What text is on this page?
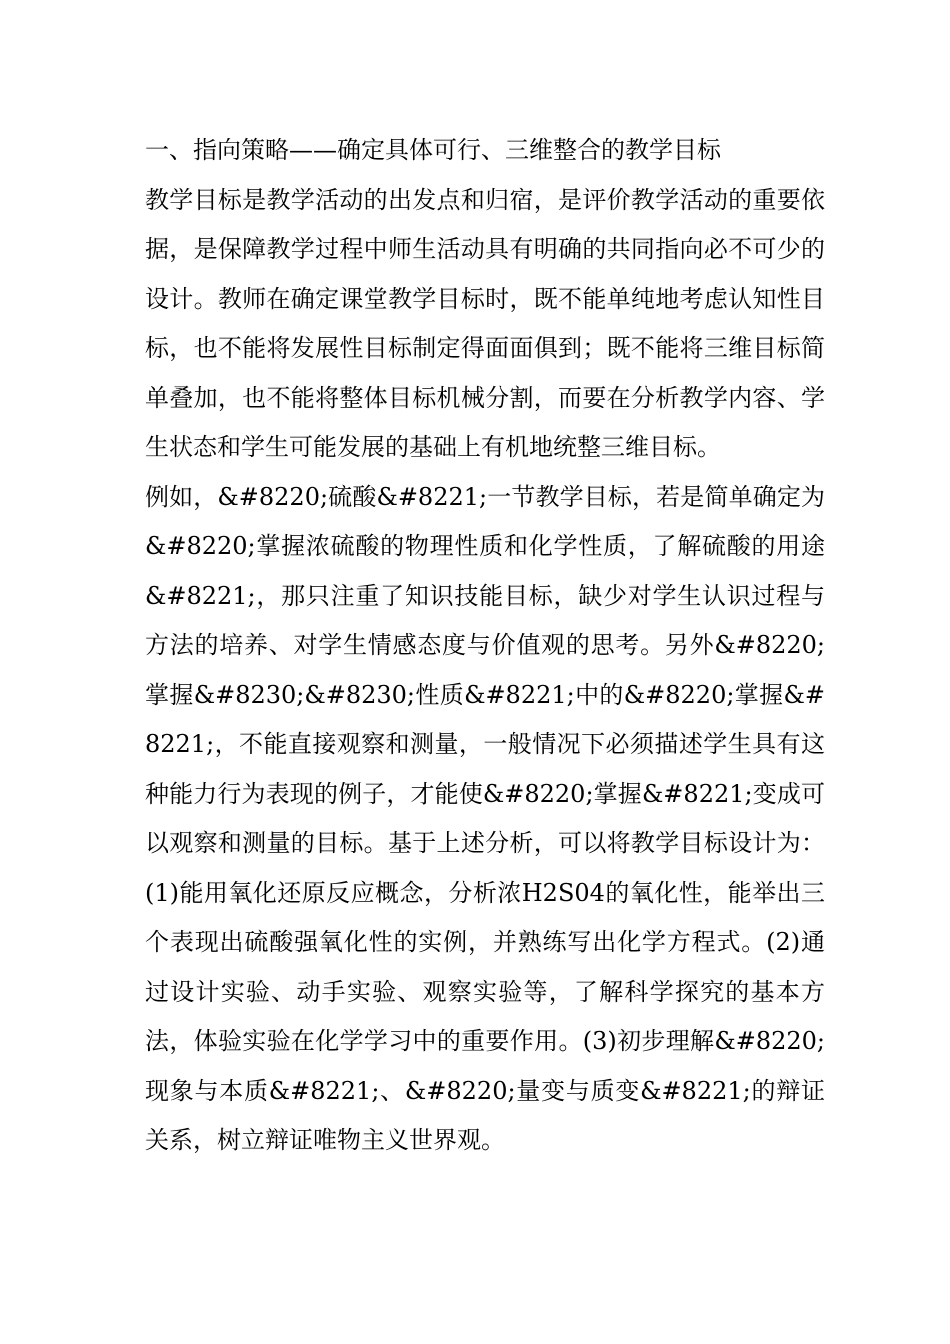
一、指向策略——确定具体可行、三维整合的教学目标

教学目标是教学活动的出发点和归宿，是评价教学活动的重要依据，是保障教学过程中师生活动具有明确的共同指向必不可少的设计。教师在确定课堂教学目标时，既不能单纯地考虑认知性目标，也不能将发展性目标制定得面面俱到；既不能将三维目标简单叠加，也不能将整体目标机械分割，而要在分析教学内容、学生状态和学生可能发展的基础上有机地统整三维目标。

例如，&#8220;硫酸&#8221;一节教学目标，若是简单确定为&#8220;掌握浓硫酸的物理性质和化学性质，了解硫酸的用途&#8221;，那只注重了知识技能目标，缺少对学生认识过程与方法的培养、对学生情感态度与价值观的思考。另外&#8220;掌握&#8230;&#8230;性质&#8221;中的&#8220;掌握&#8221;，不能直接观察和测量，一般情况下必须描述学生具有这种能力行为表现的例子，才能使&#8220;掌握&#8221;变成可以观察和测量的目标。基于上述分析，可以将教学目标设计为：(1)能用氧化还原反应概念，分析浓H2S04的氧化性，能举出三个表现出硫酸强氧化性的实例，并熟练写出化学方程式。(2)通过设计实验、动手实验、观察实验等，了解科学探究的基本方法，体验实验在化学学习中的重要作用。(3)初步理解&#8220;现象与本质&#8221;、&#8220;量变与质变&#8221;的辩证关系，树立辩证唯物主义世界观。
